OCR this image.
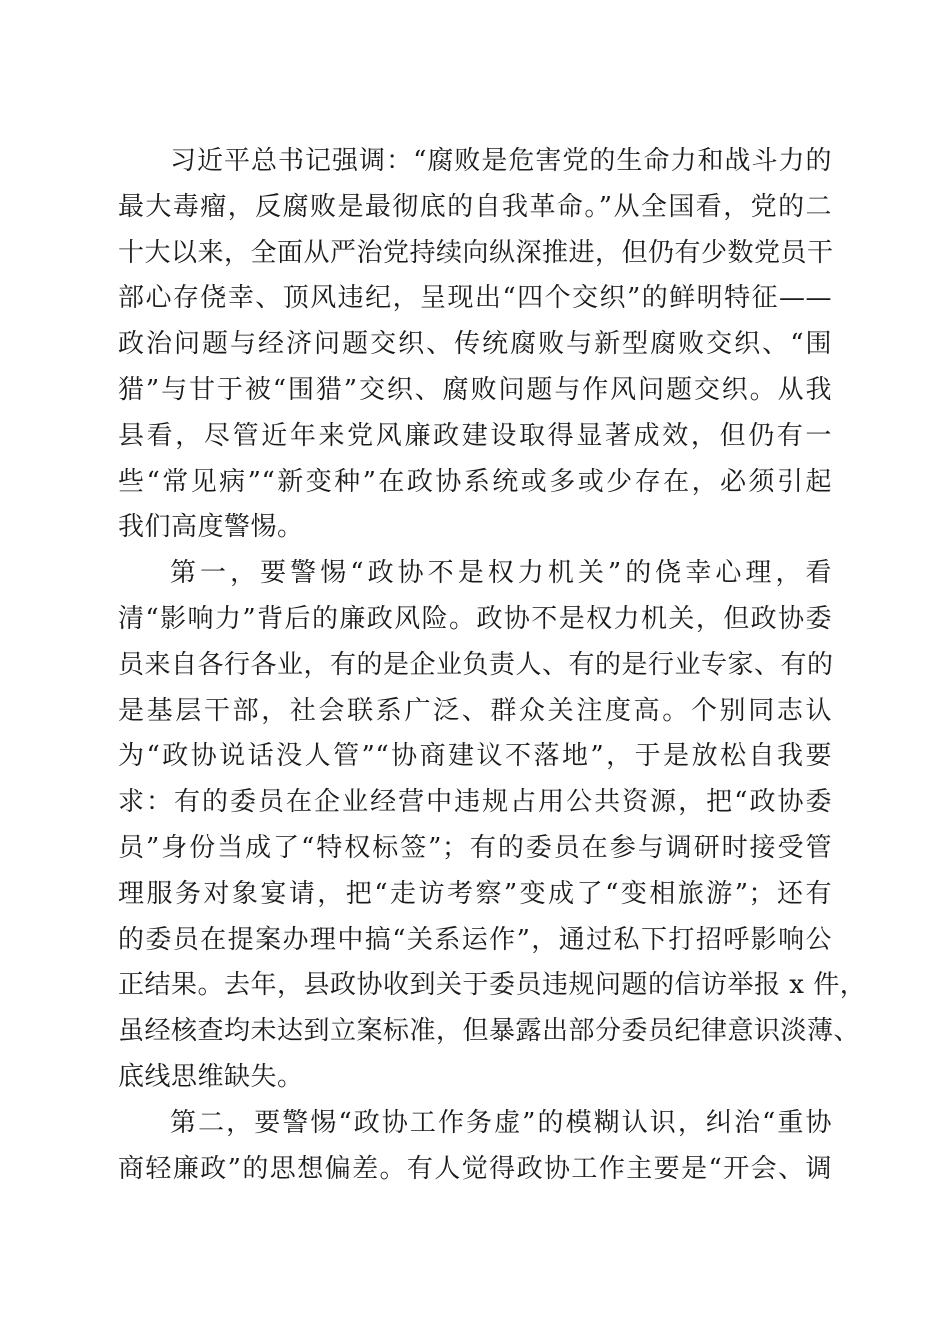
习近平总书记强调：“腐败是危害党的生命力和战斗力的
最大毒瘤，反腐败是最彻底的自我革命。”从全国看，党的二
十大以来，全面从严治党持续向纵深推进，但仍有少数党员干
部心存侥幸、顶风违纪，呈现出“四个交织”的鲜明特征——
政治问题与经济问题交织、传统腐败与新型腐败交织、“围
猎”与甘于被“围猎”交织、腐败问题与作风问题交织。从我
县看，尽管近年来党风廉政建设取得显著成效，但仍有一
些“常见病”“新变种”在政协系统或多或少存在，必须引起
我们高度警惕。
第一，要警惕“政协不是权力机关”的侥幸心理，看
清“影响力”背后的廉政风险。政协不是权力机关，但政协委
员来自各行各业，有的是企业负责人、有的是行业专家、有的
是基层干部，社会联系广泛、群众关注度高。个别同志认
为“政协说话没人管”“协商建议不落地”，于是放松自我要
求：有的委员在企业经营中违规占用公共资源，把“政协委
员”身份当成了“特权标签”；有的委员在参与调研时接受管
理服务对象宴请，把“走访考察”变成了“变相旅游”；还有
的委员在提案办理中搞“关系运作”，通过私下打招呼影响公
正结果。去年，县政协收到关于委员违规问题的信访举报 x 件，
虽经核查均未达到立案标准，但暴露出部分委员纪律意识淡薄、
底线思维缺失。
第二，要警惕“政协工作务虚”的模糊认识，纠治“重协
商轻廉政”的思想偏差。有人觉得政协工作主要是“开会、调
